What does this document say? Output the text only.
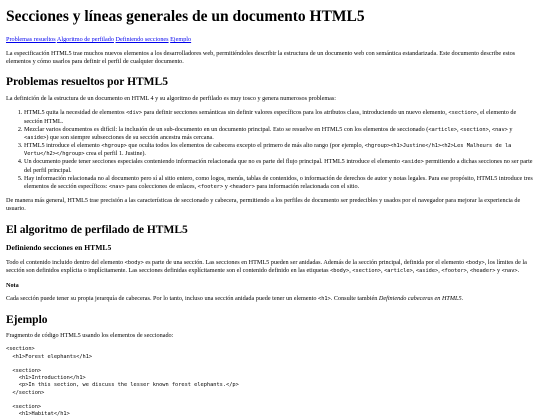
Secciones y líneas generales de un documento HTML5
Problemas resueltos Algoritmo de perfilado Definiendo secciones Ejemplo

La especificación HTML5 trae muchos nuevos elementos a los desarrolladores web, permitiéndoles describir la estructura de un documento web con semántica estandarizada. Este documento describe estos elementos y cómo usarlos para definir el perfil de cualquier documento.

Problemas resueltos por HTML5

La definición de la estructura de un documento en HTML 4 y su algoritmo de perfilado es muy tosco y genera numerosos problemas:

1. HTML5 quita la necesidad de elementos <div> para definir secciones semánticas sin definir valores específicos para los atributos class, introduciendo un nuevo elemento, <section>, el elemento de sección HTML.
2. Mezclar varios documentos es difícil: la inclusión de un sub-documento en un documento principal. Esto se resuelve en HTML5 con los elementos de seccionado (<article>, <section>, <nav> y <aside>) que son siempre subsecciones de su sección ancestra más cercana.
3. HTML5 introduce el elemento <hgroup> que oculta todos los elementos de cabecera excepto el primero de más alto rango (por ejemplo, <hgroup><h1>Justine</h1><h2>Les Malheurs de la Vertu</h2></hgroup> crea el perfil 1. Justine).
4. Un documento puede tener secciones especiales conteniendo información relacionada que no es parte del flujo principal. HTML5 introduce el elemento <aside> permitiendo a dichas secciones no ser parte del perfil principal.
5. Hay información relacionada no al documento pero sí al sitio entero, como logos, menús, tablas de contenidos, o información de derechos de autor y notas legales. Para ese propósito, HTML5 introduce tres elementos de sección específicos: <nav> para colecciones de enlaces, <footer> y <header> para información relacionada con el sitio.

De manera más general, HTML5 trae precisión a las características de seccionado y cabecera, permitiendo a los perfiles de documento ser predecibles y usados por el navegador para mejorar la experiencia de usuario.

El algoritmo de perfilado de HTML5
Definiendo secciones en HTML5

Todo el contenido incluido dentro del elemento <body> es parte de una sección. Las secciones en HTML5 pueden ser anidadas. Además de la sección principal, definida por el elemento <body>, los límites de la sección son definidos explícita o implícitamente. Las secciones definidas explícitamente son el contenido definido en las etiquetas <body>, <section>, <article>, <aside>, <footer>, <header> y <nav>.

Nota

Cada sección puede tener su propia jerarquía de cabeceras. Por lo tanto, incluso una sección anidada puede tener un elemento <h1>. Consulte también Definiendo cabeceras en HTML5.

Ejemplo

Fragmento de código HTML5 usando los elementos de seccionado:

<section>
<h1>Forest elephants</h1>

<section>
<h1>Introduction</h1>
<p>In this section, we discuss the lesser known forest elephants.</p>
</section>

<section>
<h1>Habitat</h1>
